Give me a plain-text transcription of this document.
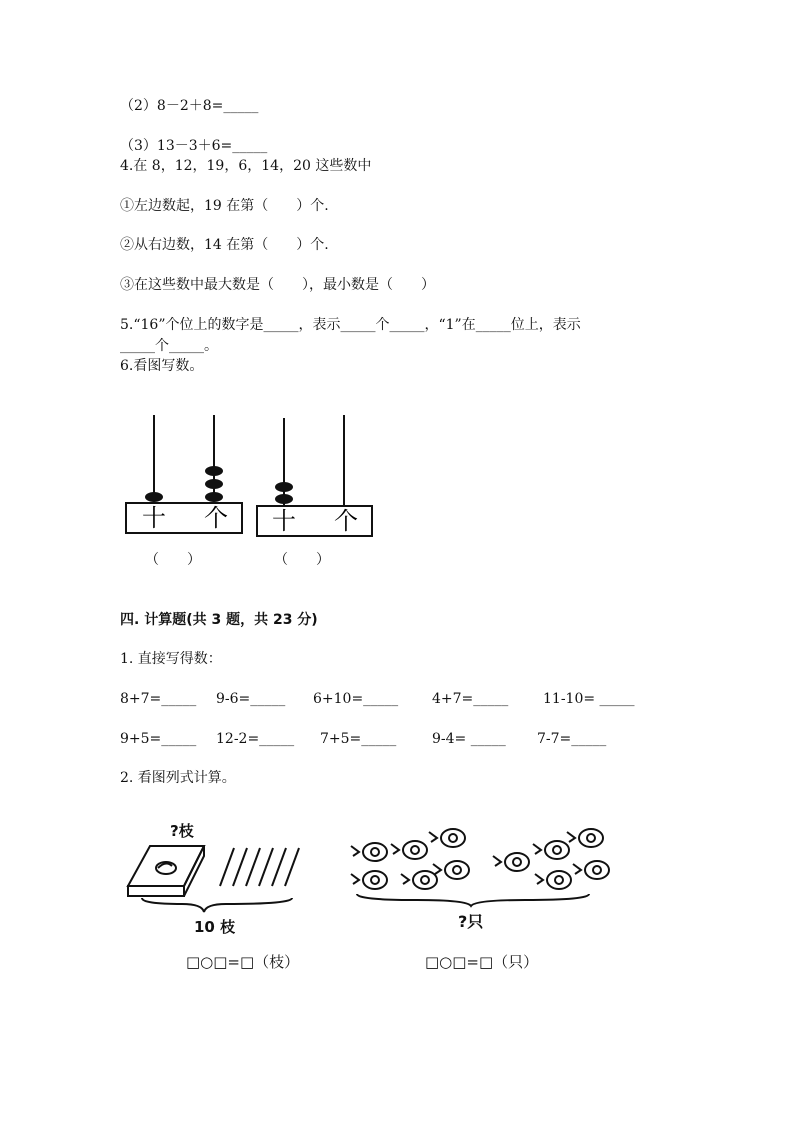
（2）8－2＋8=_____
（3）13－3＋6=_____
4.在 8，12，19，6，14，20 这些数中
①左边数起，19 在第（　　）个.
②从右边数，14 在第（　　）个.
③在这些数中最大数是（　　），最小数是（　　）
5.“16”个位上的数字是_____，表示_____个_____，“1”在_____位上，表示
_____个_____。
6.看图写数。
十 个 十 个
（　　）	（　　）
四. 计算题(共 3 题，共 23 分)
1. 直接写得数：
8+7=_____ 9-6=_____ 6+10=_____ 4+7=_____ 11-10= _____
9+5=_____ 12-2=_____ 7+5=_____	9-4= _____ 7-7=_____
2. 看图列式计算。
?枝
10 枝
□○□=□（枝）
?只
□○□=□（只）
